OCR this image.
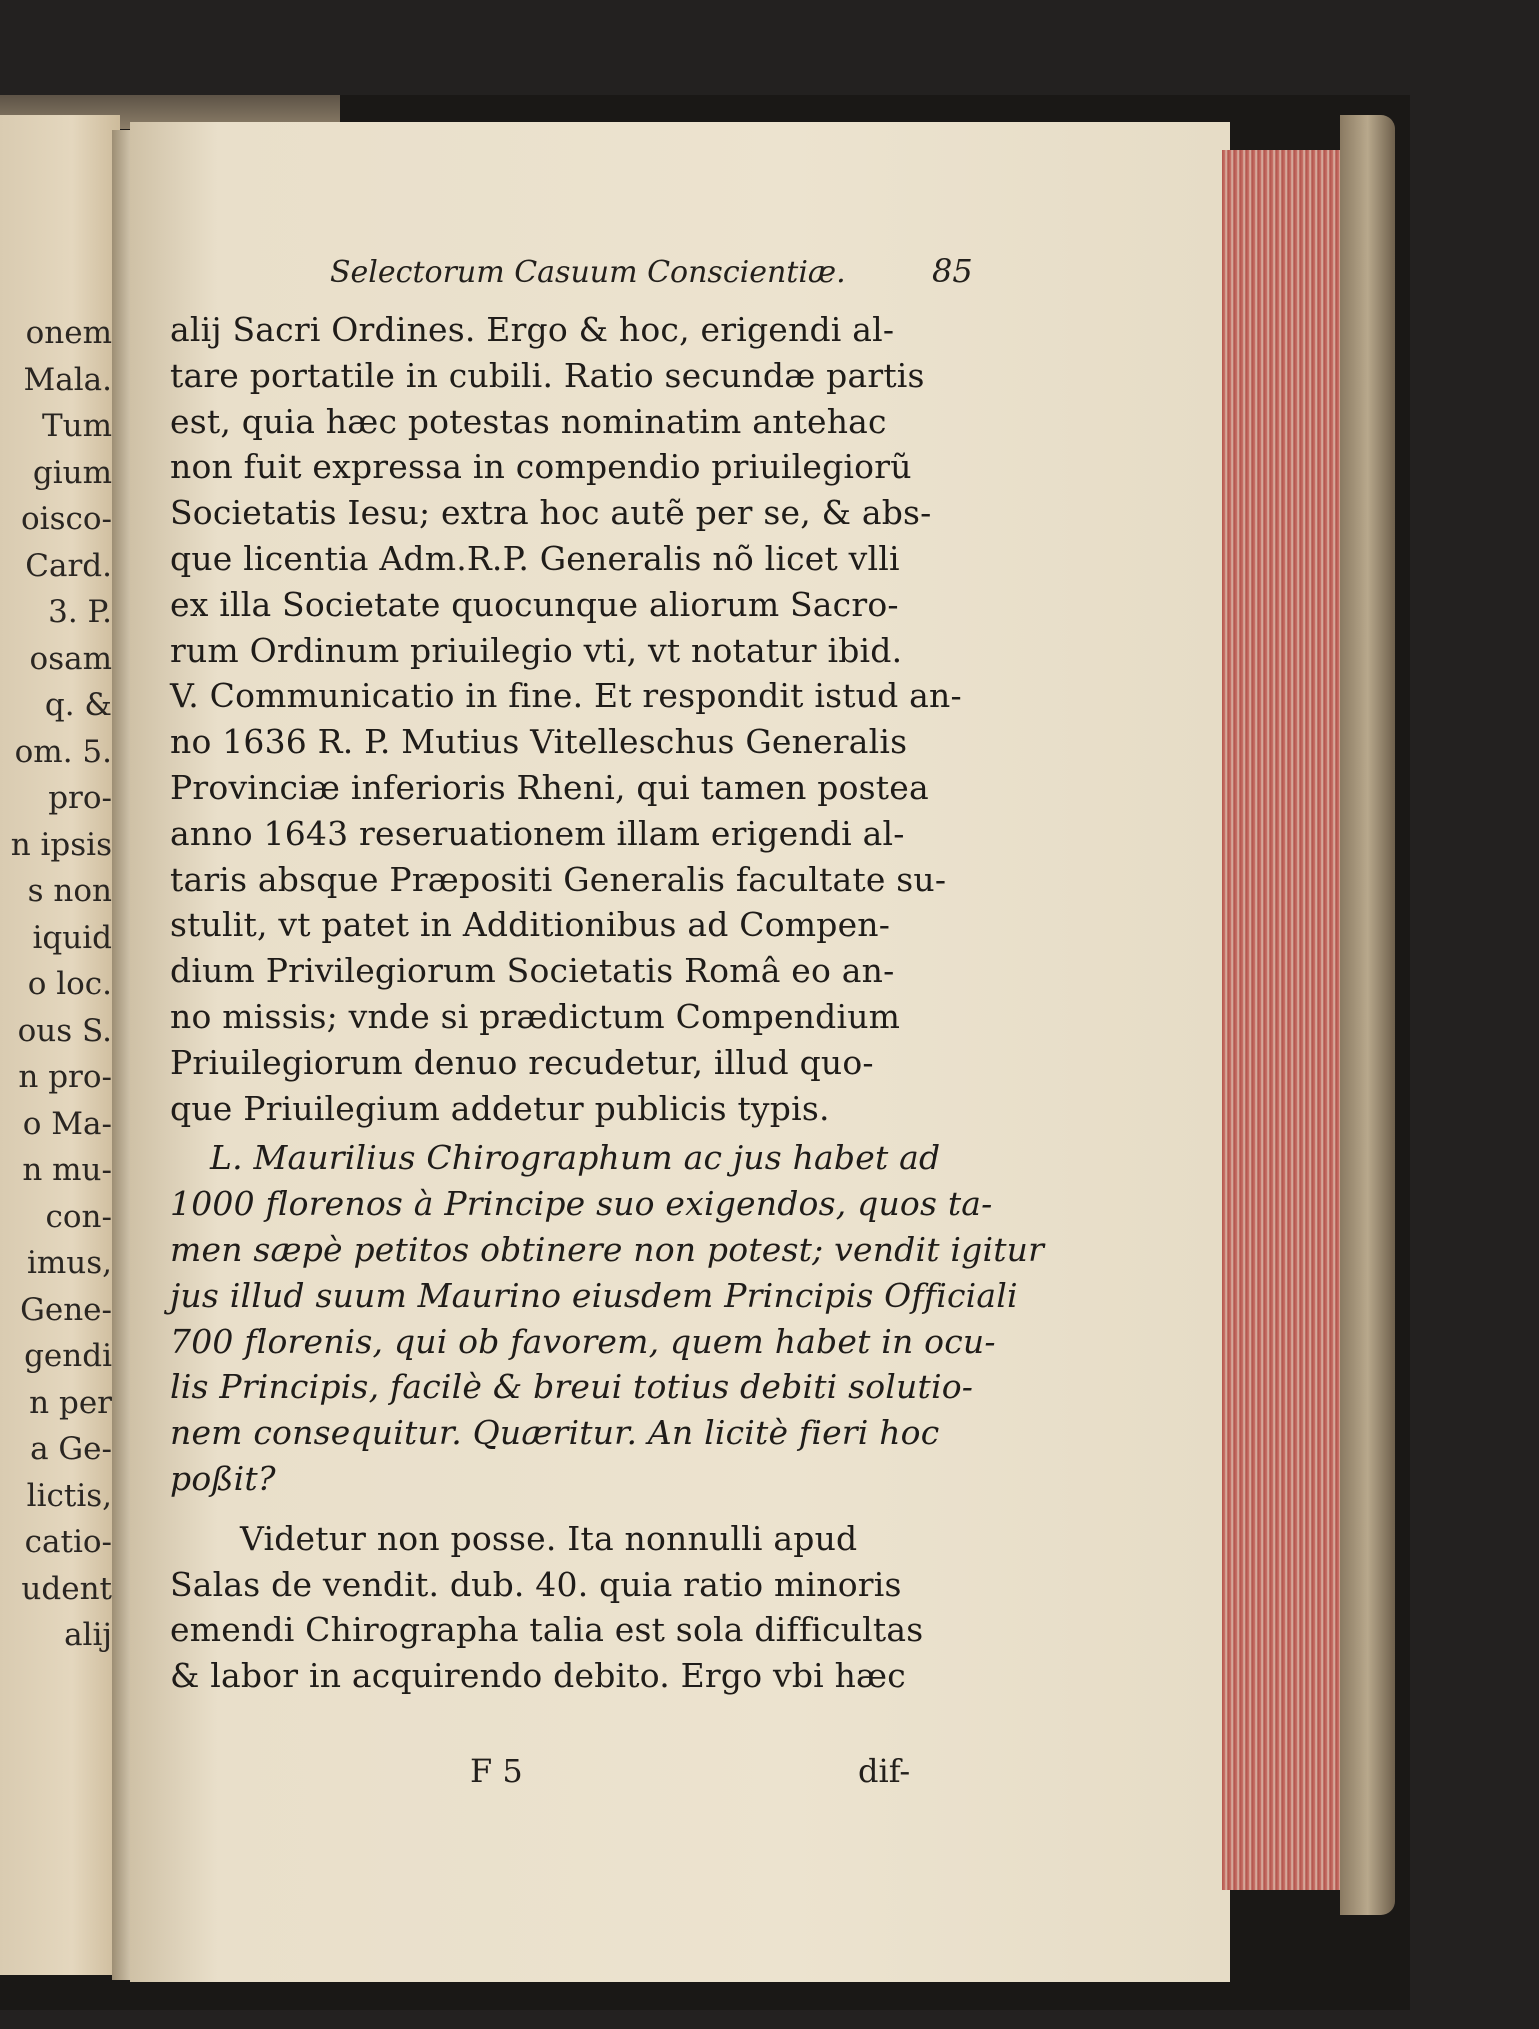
onem
Mala.
Tum
gium
oisco-
Card.
3. P.
osam
q. &
om. 5.
pro-
n ipsis
s non
iquid
o loc.
ous S.
n pro-
o Ma-
n mu-
con-
imus,
Gene-
gendi
n per
a Ge-
lictis,
catio-
udent
alij
Selectorum Casuum Conscientiæ.	85
alij Sacri Ordines. Ergo & hoc, erigendi al-
tare portatile in cubili. Ratio secundæ partis
est, quia hæc potestas nominatim antehac
non fuit expressa in compendio priuilegiorũ
Societatis Iesu; extra hoc autẽ per se, & abs-
que licentia Adm.R.P. Generalis nõ licet vlli
ex illa Societate quocunque aliorum Sacro-
rum Ordinum priuilegio vti, vt notatur ibid.
V. Communicatio in fine. Et respondit istud an-
no 1636 R. P. Mutius Vitelleschus Generalis
Provinciæ inferioris Rheni, qui tamen postea
anno 1643 reseruationem illam erigendi al-
taris absque Præpositi Generalis facultate su-
stulit, vt patet in Additionibus ad Compen-
dium Privilegiorum Societatis Româ eo an-
no missis; vnde si prædictum Compendium
Priuilegiorum denuo recudetur, illud quo-
que Priuilegium addetur publicis typis.
L. Maurilius Chirographum ac jus habet ad
1000 florenos à Principe suo exigendos, quos ta-
men sæpè petitos obtinere non potest; vendit igitur
jus illud suum Maurino eiusdem Principis Officiali
700 florenis, qui ob favorem, quem habet in ocu-
lis Principis, facilè & breui totius debiti solutio-
nem consequitur. Quæritur. An licitè fieri hoc
poßit?
Videtur non posse. Ita nonnulli apud
Salas de vendit. dub. 40. quia ratio minoris
emendi Chirographa talia est sola difficultas
& labor in acquirendo debito. Ergo vbi hæc
F 5	dif-
